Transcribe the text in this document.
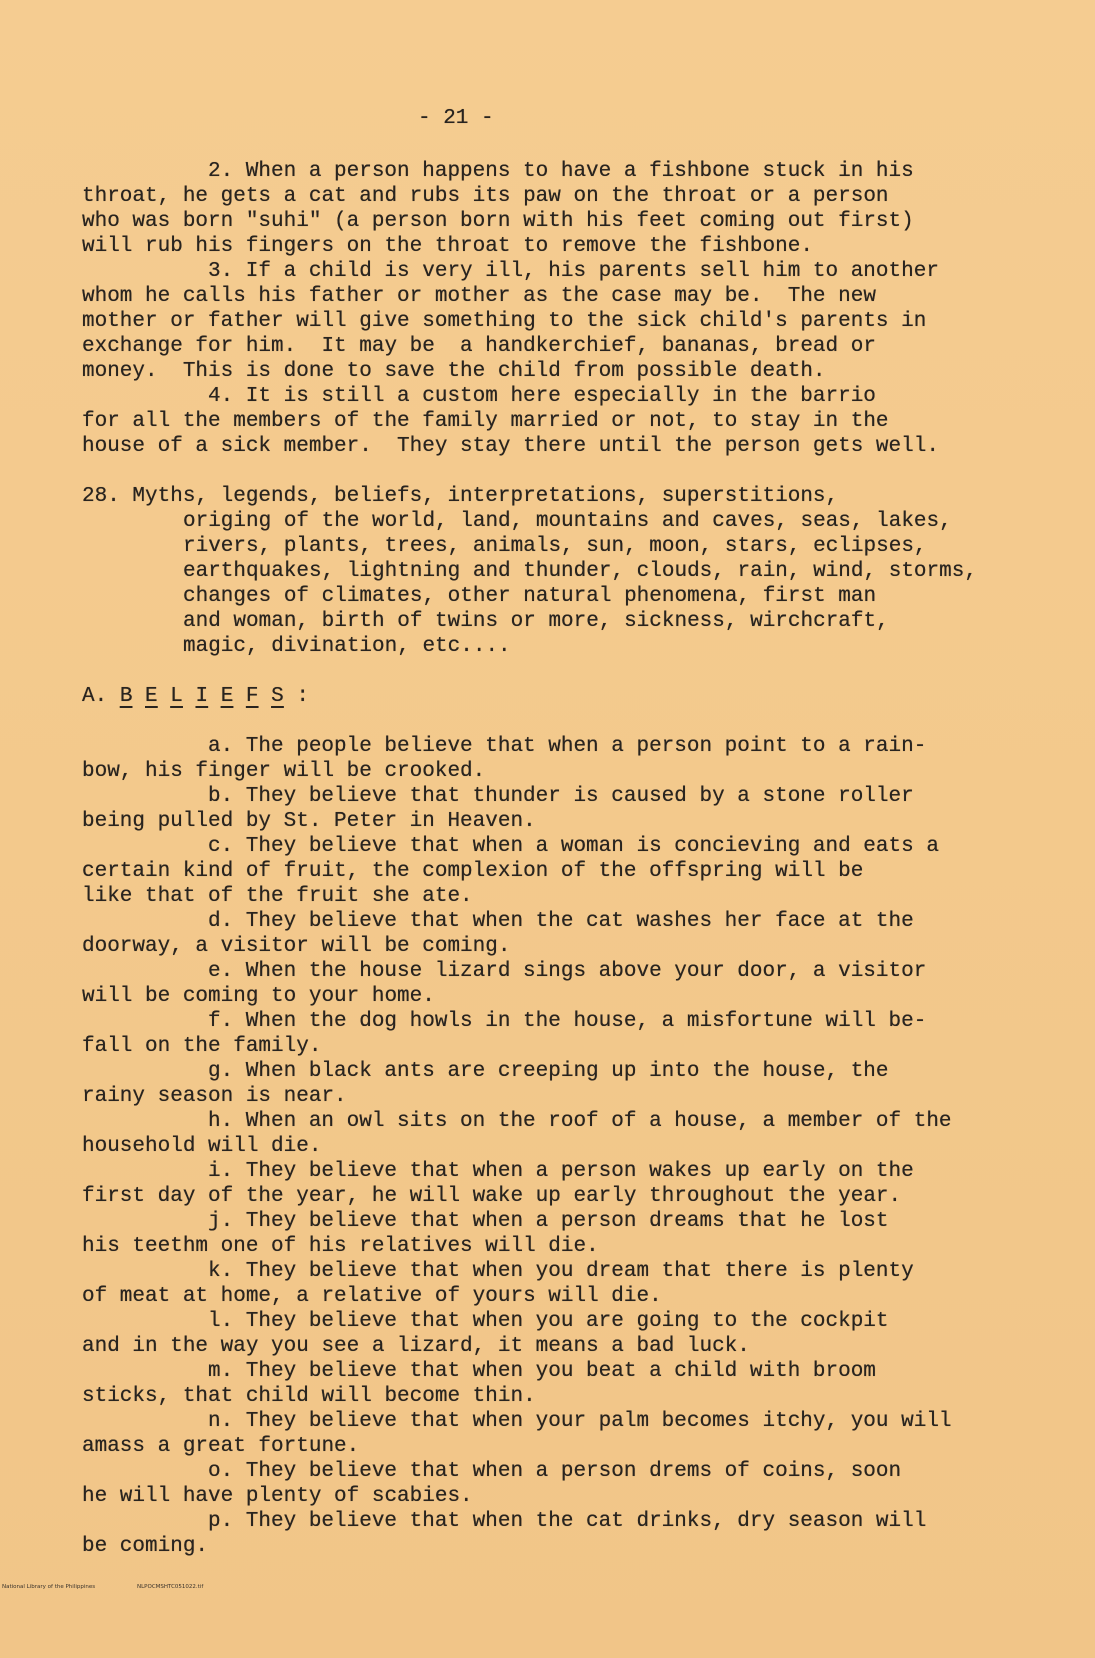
- 21 -
2. When a person happens to have a fishbone stuck in his
throat, he gets a cat and rubs its paw on the throat or a person
who was born "suhi" (a person born with his feet coming out first)
will rub his fingers on the throat to remove the fishbone.
3. If a child is very ill, his parents sell him to another
whom he calls his father or mother as the case may be.  The new
mother or father will give something to the sick child's parents in
exchange for him.  It may be  a handkerchief, bananas, bread or
money.  This is done to save the child from possible death.
4. It is still a custom here especially in the barrio
for all the members of the family married or not, to stay in the
house of a sick member.  They stay there until the person gets well.
28. Myths, legends, beliefs, interpretations, superstitions,
origing of the world, land, mountains and caves, seas, lakes,
rivers, plants, trees, animals, sun, moon, stars, eclipses,
earthquakes, lightning and thunder, clouds, rain, wind, storms,
changes of climates, other natural phenomena, first man
and woman, birth of twins or more, sickness, wirchcraft,
magic, divination, etc....
A. B E L I E F S :
a. The people believe that when a person point to a rain-
bow, his finger will be crooked.
b. They believe that thunder is caused by a stone roller
being pulled by St. Peter in Heaven.
c. They believe that when a woman is concieving and eats a
certain kind of fruit, the complexion of the offspring will be
like that of the fruit she ate.
d. They believe that when the cat washes her face at the
doorway, a visitor will be coming.
e. When the house lizard sings above your door, a visitor
will be coming to your home.
f. When the dog howls in the house, a misfortune will be-
fall on the family.
g. When black ants are creeping up into the house, the
rainy season is near.
h. When an owl sits on the roof of a house, a member of the
household will die.
i. They believe that when a person wakes up early on the
first day of the year, he will wake up early throughout the year.
j. They believe that when a person dreams that he lost
his teethm one of his relatives will die.
k. They believe that when you dream that there is plenty
of meat at home, a relative of yours will die.
l. They believe that when you are going to the cockpit
and in the way you see a lizard, it means a bad luck.
m. They believe that when you beat a child with broom
sticks, that child will become thin.
n. They believe that when your palm becomes itchy, you will
amass a great fortune.
o. They believe that when a person drems of coins, soon
he will have plenty of scabies.
p. They believe that when the cat drinks, dry season will
be coming.
National Library of the Philippines	NLPOCMSHTC051022.tif
